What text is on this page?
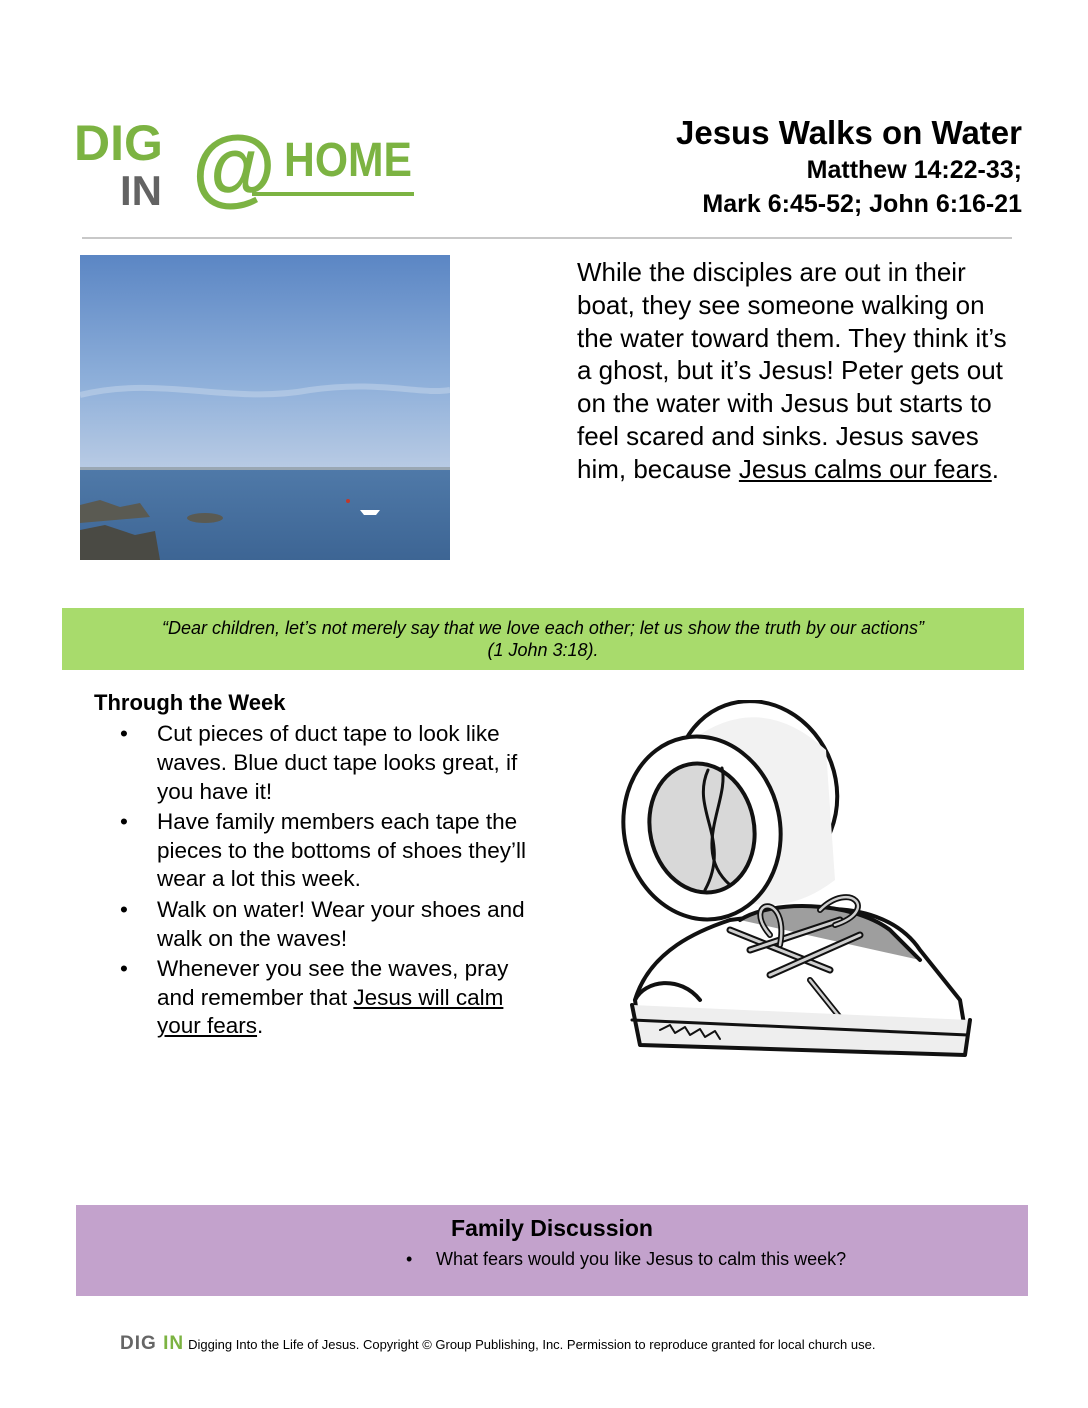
DIG
IN @ HOME
Jesus Walks on Water
Matthew 14:22-33;
Mark 6:45-52; John 6:16-21
While the disciples are out in their boat, they see someone walking on the water toward them. They think it’s a ghost, but it’s Jesus! Peter gets out on the water with Jesus but starts to feel scared and sinks. Jesus saves him, because Jesus calms our fears.
“Dear children, let’s not merely say that we love each other; let us show the truth by our actions”
(1 John 3:18).
Through the Week
• Cut pieces of duct tape to look like waves. Blue duct tape looks great, if you have it!
• Have family members each tape the pieces to the bottoms of shoes they’ll wear a lot this week.
• Walk on water! Wear your shoes and walk on the waves!
• Whenever you see the waves, pray and remember that Jesus will calm your fears.
Family Discussion
• What fears would you like Jesus to calm this week?
DIG IN Digging Into the Life of Jesus. Copyright © Group Publishing, Inc. Permission to reproduce granted for local church use.
